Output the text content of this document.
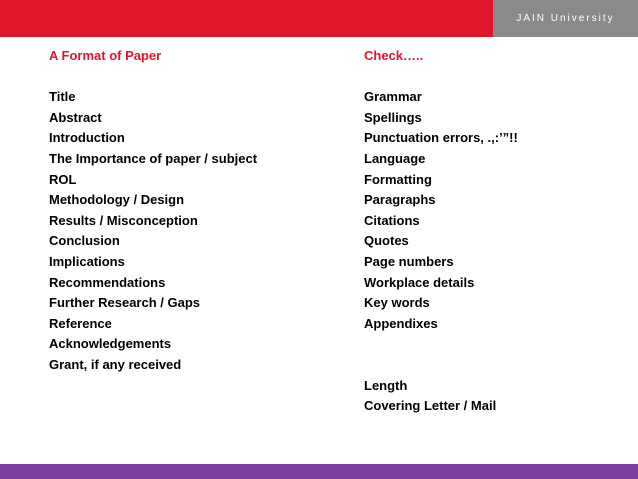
JAIN University
A Format of Paper
Title
Abstract
Introduction
The Importance of paper / subject
ROL
Methodology / Design
Results / Misconception
Conclusion
Implications
Recommendations
Further Research / Gaps
Reference
Acknowledgements
Grant, if any received
Check…..
Grammar
Spellings
Punctuation errors, .,:’”!!
Language
Formatting
Paragraphs
Citations
Quotes
Page numbers
Workplace details
Key words
Appendixes
Length
Covering Letter / Mail
